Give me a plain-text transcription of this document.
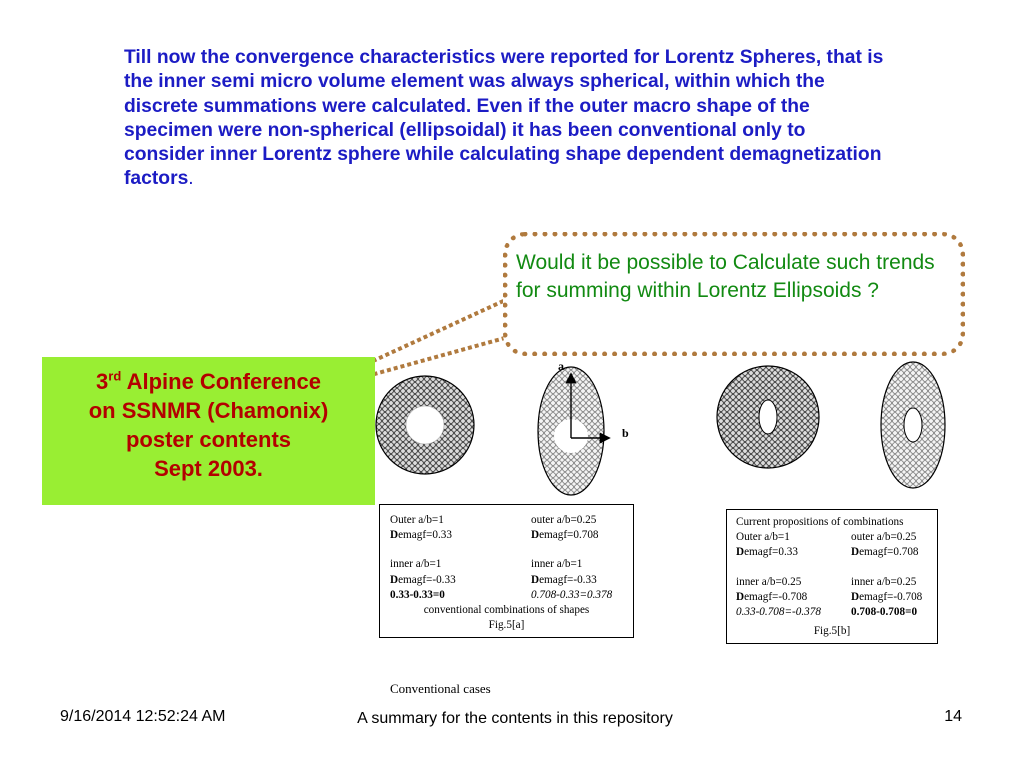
Till now the convergence characteristics were reported for Lorentz Spheres, that is the inner semi micro volume element was always spherical, within which the discrete summations were calculated. Even if the outer macro shape of the specimen were non-spherical (ellipsoidal) it has been conventional only to consider inner Lorentz sphere while calculating shape dependent demagnetization factors.

Would it be possible to Calculate such trends for summing within Lorentz Ellipsoids ?
3rd Alpine Conference
on SSNMR (Chamonix)
poster contents
Sept 2003.
a
b
Outer a/b=1	outer a/b=0.25
Demagf=0.33	Demagf=0.708
inner a/b=1	inner a/b=1
Demagf=-0.33	Demagf=-0.33
0.33-0.33=0	0.708-0.33=0.378
conventional combinations of shapes
Fig.5[a]
Current propositions of combinations
Outer a/b=1	outer a/b=0.25
Demagf=0.33	Demagf=0.708
inner a/b=0.25	inner a/b=0.25
Demagf=-0.708	Demagf=-0.708
0.33-0.708=-0.378	0.708-0.708=0
Fig.5[b]
Conventional cases
9/16/2014 12:52:24 AM	A summary for the contents in this repository	14
